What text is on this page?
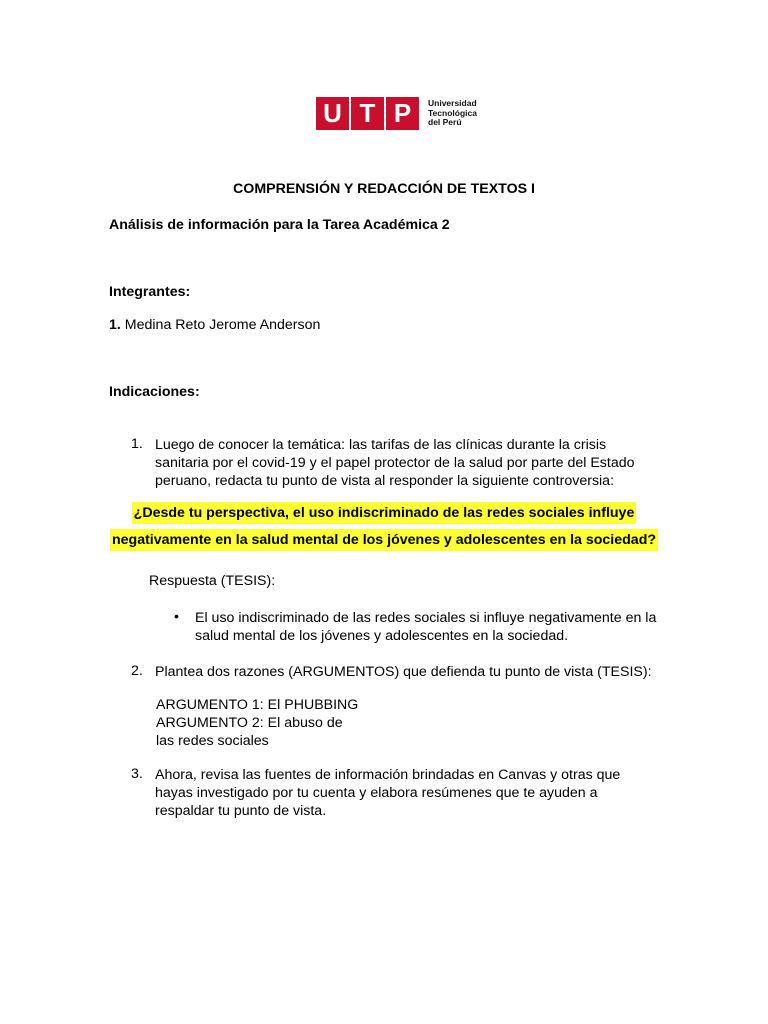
U T P	Universidad
Tecnológica
del Perú
COMPRENSIÓN Y REDACCIÓN DE TEXTOS I
Análisis de información para la Tarea Académica 2
Integrantes:
1. Medina Reto Jerome Anderson
Indicaciones:
1. Luego de conocer la temática: las tarifas de las clínicas durante la crisis
sanitaria por el covid-19 y el papel protector de la salud por parte del Estado
peruano, redacta tu punto de vista al responder la siguiente controversia:
¿Desde tu perspectiva, el uso indiscriminado de las redes sociales influye
negativamente en la salud mental de los jóvenes y adolescentes en la sociedad?
Respuesta (TESIS):
• El uso indiscriminado de las redes sociales si influye negativamente en la
salud mental de los jóvenes y adolescentes en la sociedad.
2. Plantea dos razones (ARGUMENTOS) que defienda tu punto de vista (TESIS):
ARGUMENTO 1: El PHUBBING
ARGUMENTO 2: El abuso de
las redes sociales
3. Ahora, revisa las fuentes de información brindadas en Canvas y otras que
hayas investigado por tu cuenta y elabora resúmenes que te ayuden a
respaldar tu punto de vista.
